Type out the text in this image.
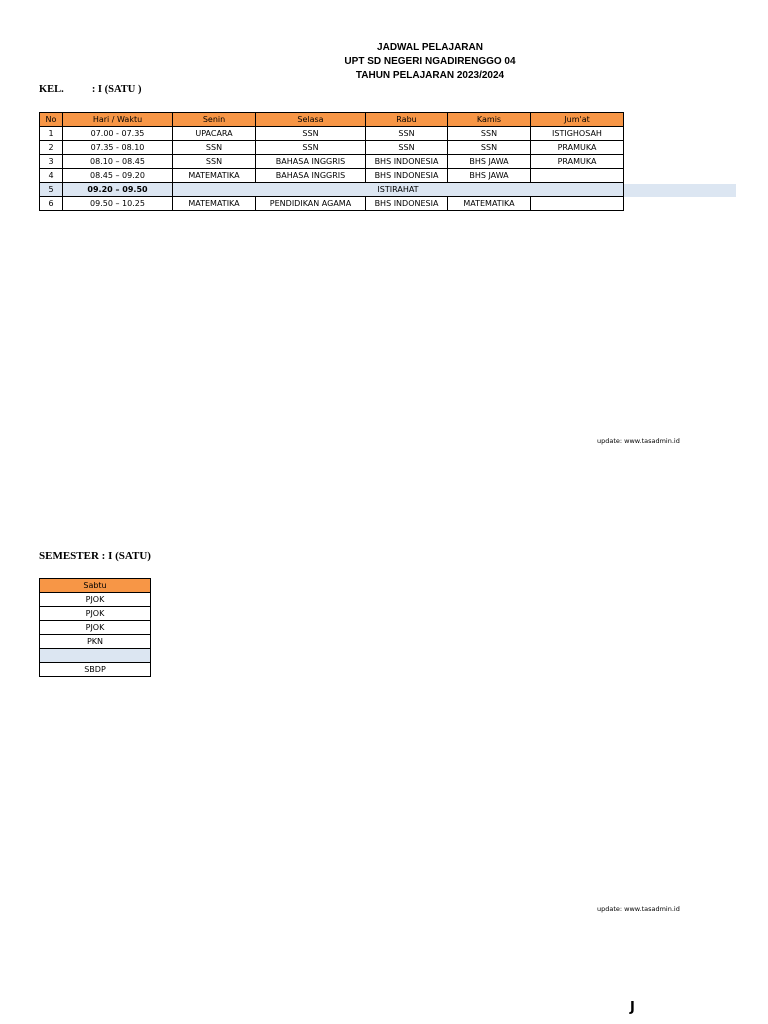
JADWAL PELAJARAN
UPT SD NEGERI NGADIRENGGO 04
TAHUN PELAJARAN 2023/2024
KEL.	: I (SATU )
No	Hari / Waktu	Senin	Selasa	Rabu	Kamis	Jum'at
1	07.00 - 07.35	UPACARA	SSN	SSN	SSN	ISTIGHOSAH
2	07.35 - 08.10	SSN	SSN	SSN	SSN	PRAMUKA
3	08.10 – 08.45	SSN	BAHASA INGGRIS	BHS INDONESIA	BHS JAWA	PRAMUKA
4	08.45 – 09.20	MATEMATIKA	BAHASA INGGRIS	BHS INDONESIA	BHS JAWA	
5	09.20 – 09.50	ISTIRAHAT				
6	09.50 – 10.25	MATEMATIKA	PENDIDIKAN AGAMA	BHS INDONESIA	MATEMATIKA	
update: www.tasadmin.id
SEMESTER : I (SATU)
Sabtu
PJOK
PJOK
PJOK
PKN

SBDP
update: www.tasadmin.id
J
